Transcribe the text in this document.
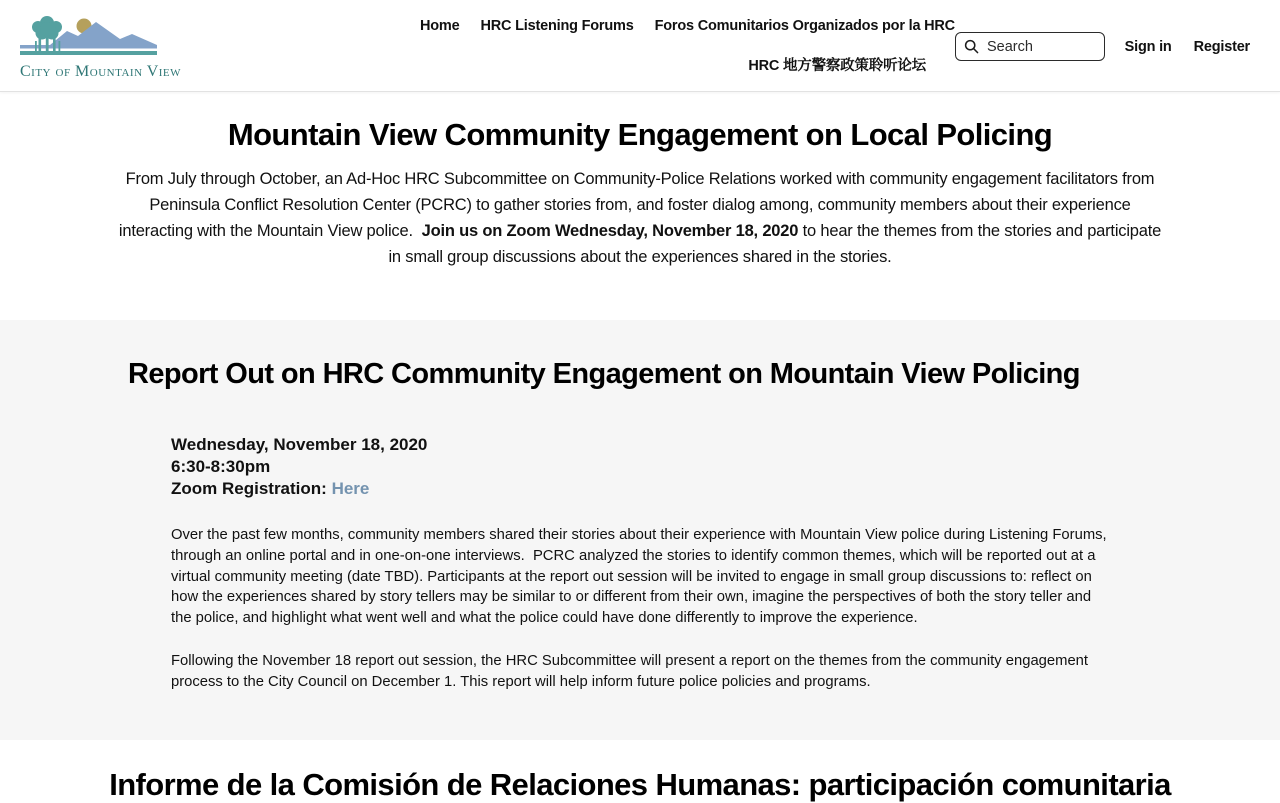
City of Mountain View
Home HRC Listening Forums Foros Comunitarios Organizados por la HRC
HRC 地方警察政策聆听论坛
Search
Sign in Register
Mountain View Community Engagement on Local Policing

From July through October, an Ad-Hoc HRC Subcommittee on Community-Police Relations worked with community engagement facilitators from Peninsula Conflict Resolution Center (PCRC) to gather stories from, and foster dialog among, community members about their experience interacting with the Mountain View police.  Join us on Zoom Wednesday, November 18, 2020 to hear the themes from the stories and participate in small group discussions about the experiences shared in the stories.

Report Out on HRC Community Engagement on Mountain View Policing
Wednesday, November 18, 2020
6:30-8:30pm
Zoom Registration: Here

Over the past few months, community members shared their stories about their experience with Mountain View police during Listening Forums, through an online portal and in one-on-one interviews.  PCRC analyzed the stories to identify common themes, which will be reported out at a virtual community meeting (date TBD). Participants at the report out session will be invited to engage in small group discussions to: reflect on how the experiences shared by story tellers may be similar to or different from their own, imagine the perspectives of both the story teller and the police, and highlight what went well and what the police could have done differently to improve the experience.

Following the November 18 report out session, the HRC Subcommittee will present a report on the themes from the community engagement process to the City Council on December 1. This report will help inform future police policies and programs.

Informe de la Comisión de Relaciones Humanas: participación comunitaria
